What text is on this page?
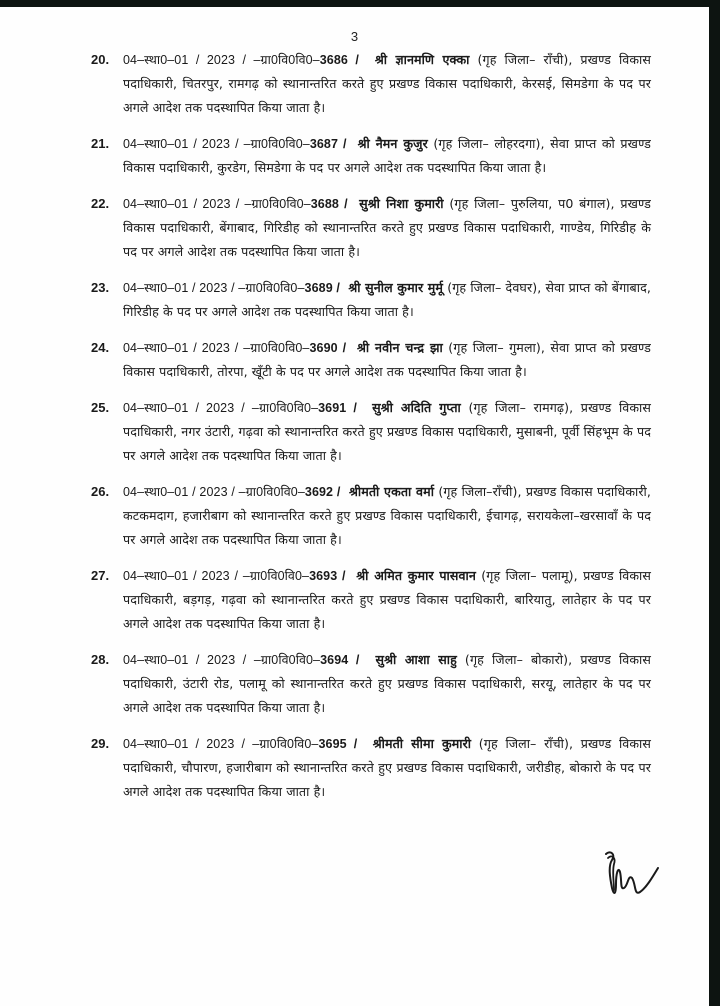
3
20. 04–स्था0–01 / 2023 / –ग्रा0वि0वि0–3686 / श्री ज्ञानमणि एक्का (गृह जिला– राँची), प्रखण्ड विकास पदाधिकारी, चितरपुर, रामगढ़ को स्थानान्तरित करते हुए प्रखण्ड विकास पदाधिकारी, केरसई, सिमडेगा के पद पर अगले आदेश तक पदस्थापित किया जाता है।
21. 04–स्था0–01 / 2023 / –ग्रा0वि0वि0–3687 / श्री नैमन कुजुर (गृह जिला– लोहरदगा), सेवा प्राप्त को प्रखण्ड विकास पदाधिकारी, कुरडेग, सिमडेगा के पद पर अगले आदेश तक पदस्थापित किया जाता है।
22. 04–स्था0–01 / 2023 / –ग्रा0वि0वि0–3688 / सुश्री निशा कुमारी (गृह जिला– पुरुलिया, प0 बंगाल), प्रखण्ड विकास पदाधिकारी, बेंगाबाद, गिरिडीह को स्थानान्तरित करते हुए प्रखण्ड विकास पदाधिकारी, गाण्डेय, गिरिडीह के पद पर अगले आदेश तक पदस्थापित किया जाता है।
23. 04–स्था0–01 / 2023 / –ग्रा0वि0वि0–3689 / श्री सुनील कुमार मुर्मू (गृह जिला– देवघर), सेवा प्राप्त को बेंगाबाद, गिरिडीह के पद पर अगले आदेश तक पदस्थापित किया जाता है।
24. 04–स्था0–01 / 2023 / –ग्रा0वि0वि0–3690 / श्री नवीन चन्द्र झा (गृह जिला– गुमला), सेवा प्राप्त को प्रखण्ड विकास पदाधिकारी, तोरपा, खूँटी के पद पर अगले आदेश तक पदस्थापित किया जाता है।
25. 04–स्था0–01 / 2023 / –ग्रा0वि0वि0–3691 / सुश्री अदिति गुप्ता (गृह जिला– रामगढ़), प्रखण्ड विकास पदाधिकारी, नगर उंटारी, गढ़वा को स्थानान्तरित करते हुए प्रखण्ड विकास पदाधिकारी, मुसाबनी, पूर्वी सिंहभूम के पद पर अगले आदेश तक पदस्थापित किया जाता है।
26. 04–स्था0–01 / 2023 / –ग्रा0वि0वि0–3692 / श्रीमती एकता वर्मा (गृह जिला–राँची), प्रखण्ड विकास पदाधिकारी, कटकमदाग, हजारीबाग को स्थानान्तरित करते हुए प्रखण्ड विकास पदाधिकारी, ईचागढ़, सरायकेला–खरसावाँ के पद पर अगले आदेश तक पदस्थापित किया जाता है।
27. 04–स्था0–01 / 2023 / –ग्रा0वि0वि0–3693 / श्री अमित कुमार पासवान (गृह जिला– पलामू), प्रखण्ड विकास पदाधिकारी, बड़गड़, गढ़वा को स्थानान्तरित करते हुए प्रखण्ड विकास पदाधिकारी, बारियातु, लातेहार के पद पर अगले आदेश तक पदस्थापित किया जाता है।
28. 04–स्था0–01 / 2023 / –ग्रा0वि0वि0–3694 / सुश्री आशा साहु (गृह जिला– बोकारो), प्रखण्ड विकास पदाधिकारी, उंटारी रोड, पलामू को स्थानान्तरित करते हुए प्रखण्ड विकास पदाधिकारी, सरयू, लातेहार के पद पर अगले आदेश तक पदस्थापित किया जाता है।
29. 04–स्था0–01 / 2023 / –ग्रा0वि0वि0–3695 / श्रीमती सीमा कुमारी (गृह जिला– राँची), प्रखण्ड विकास पदाधिकारी, चौपारण, हजारीबाग को स्थानान्तरित करते हुए प्रखण्ड विकास पदाधिकारी, जरीडीह, बोकारो के पद पर अगले आदेश तक पदस्थापित किया जाता है।
